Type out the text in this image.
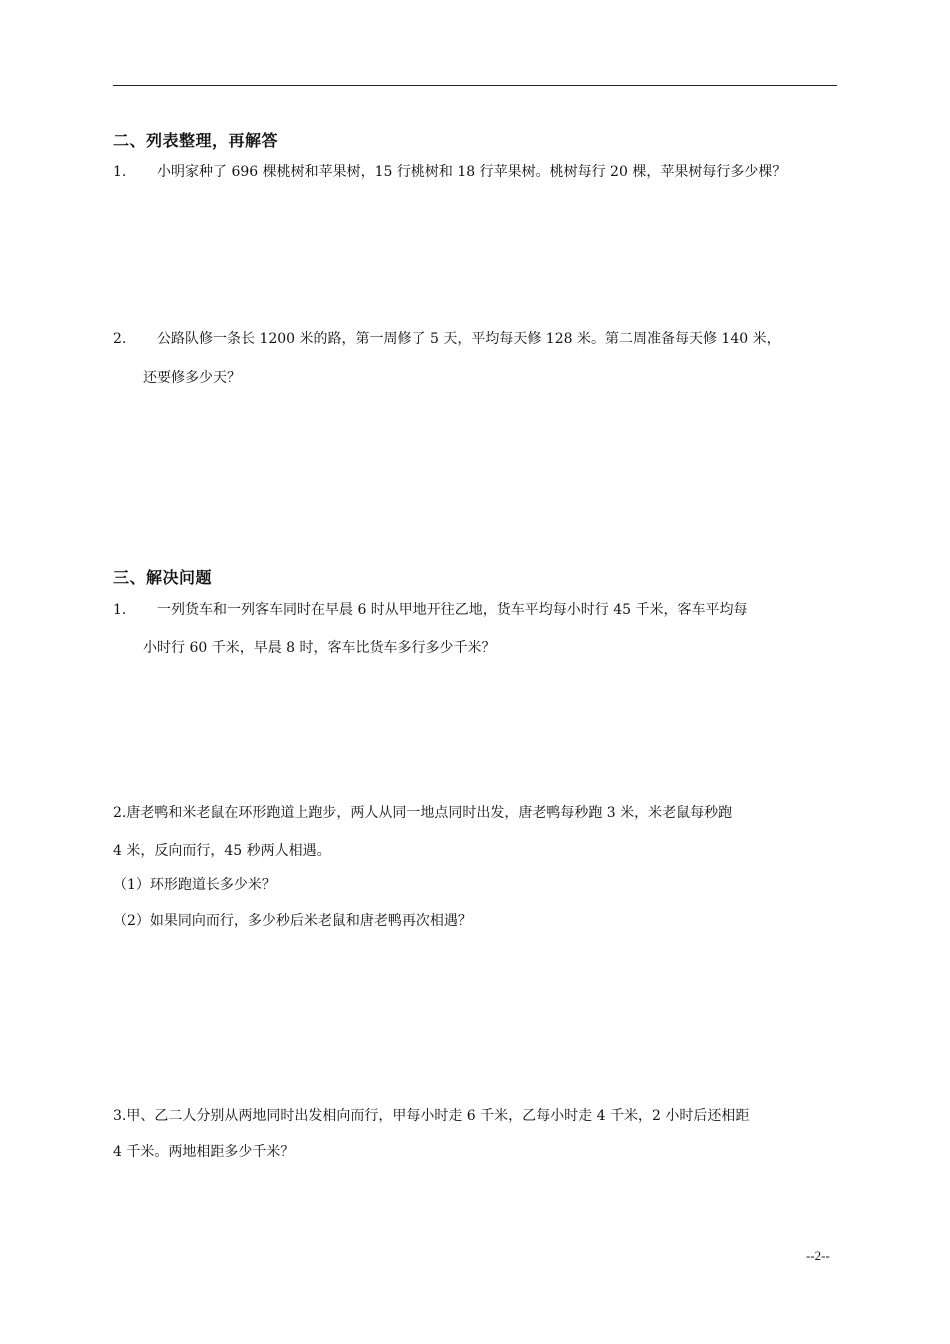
二、列表整理，再解答
1. 小明家种了 696 棵桃树和苹果树，15 行桃树和 18 行苹果树。桃树每行 20 棵，苹果树每行多少棵？
2. 公路队修一条长 1200 米的路，第一周修了 5 天，平均每天修 128 米。第二周准备每天修 140 米，
还要修多少天？
三、解决问题
1. 一列货车和一列客车同时在早晨 6 时从甲地开往乙地，货车平均每小时行 45 千米，客车平均每
小时行 60 千米，早晨 8 时，客车比货车多行多少千米？
2.唐老鸭和米老鼠在环形跑道上跑步，两人从同一地点同时出发，唐老鸭每秒跑 3 米，米老鼠每秒跑
4 米，反向而行，45 秒两人相遇。
（1）环形跑道长多少米？
（2）如果同向而行，多少秒后米老鼠和唐老鸭再次相遇？
3.甲、乙二人分别从两地同时出发相向而行，甲每小时走 6 千米，乙每小时走 4 千米，2 小时后还相距
4 千米。两地相距多少千米？
--2--
